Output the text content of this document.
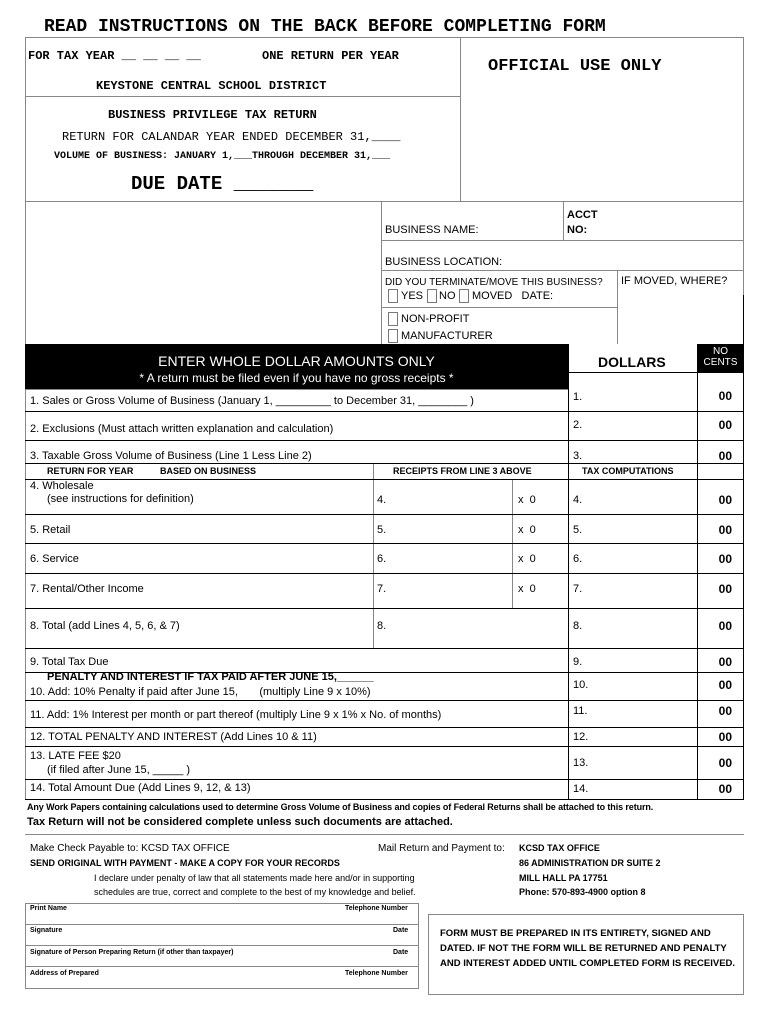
READ INSTRUCTIONS ON THE BACK BEFORE COMPLETING FORM
FOR TAX YEAR __ __ __ __	ONE RETURN PER YEAR
OFFICIAL USE ONLY
KEYSTONE CENTRAL SCHOOL DISTRICT
BUSINESS PRIVILEGE TAX RETURN
RETURN FOR CALANDAR YEAR ENDED DECEMBER 31,____
VOLUME OF BUSINESS: JANUARY 1,___THROUGH DECEMBER 31,___
DUE DATE _______
BUSINESS NAME:
ACCT
NO:
BUSINESS LOCATION:
DID YOU TERMINATE/MOVE THIS BUSINESS? IF MOVED, WHERE?
YES NO MOVED   DATE:
NON-PROFIT
MANUFACTURER
ENTER WHOLE DOLLAR AMOUNTS ONLY
* A return must be filed even if you have no gross receipts *
DOLLARS
NO
CENTS
1. Sales or Gross Volume of Business (January 1, _________ to December 31, ________ )	1.	00
2. Exclusions (Must attach written explanation and calculation)	2.	00
3. Taxable Gross Volume of Business (Line 1 Less Line 2)	3.	00
RETURN FOR YEAR	BASED ON BUSINESS	RECEIPTS FROM LINE 3 ABOVE	TAX COMPUTATIONS
4. Wholesale
(see instructions for definition)	4.	x  0	4.	00
5. Retail	5.	x  0	5.	00
6. Service	6.	x  0	6.	00
7. Rental/Other Income	7.	x  0	7.	00
8. Total (add Lines 4, 5, 6, & 7)	8.	8.	00
9. Total Tax Due	9.	00
PENALTY AND INTEREST IF TAX PAID AFTER JUNE 15,______
10. Add: 10% Penalty if paid after June 15,       (multiply Line 9 x 10%)
10.	00
11. Add: 1% Interest per month or part thereof (multiply Line 9 x 1% x No. of months)	11.	00
12. TOTAL PENALTY AND INTEREST (Add Lines 10 & 11)	12.	00
13. LATE FEE $20
(if filed after June 15, _____ )
13.	00
14. Total Amount Due (Add Lines 9, 12, & 13)	14.	00
Any Work Papers containing calculations used to determine Gross Volume of Business and copies of Federal Returns shall be attached to this return.
Tax Return will not be considered complete unless such documents are attached.
Make Check Payable to: KCSD TAX OFFICE	Mail Return and Payment to:
SEND ORIGINAL WITH PAYMENT - MAKE A COPY FOR YOUR RECORDS
I declare under penalty of law that all statements made here and/or in supporting
schedules are true, correct and complete to the best of my knowledge and belief.
KCSD TAX OFFICE
86 ADMINISTRATION DR SUITE 2
MILL HALL PA 17751
Phone: 570-893-4900 option 8
Print Name	Telephone Number
Signature	Date
Signature of Person Preparing Return (if other than taxpayer)	Date
Address of Prepared	Telephone Number
FORM MUST BE PREPARED IN ITS ENTIRETY, SIGNED AND DATED. IF NOT THE FORM WILL BE RETURNED AND PENALTY AND INTEREST ADDED UNTIL COMPLETED FORM IS RECEIVED.
